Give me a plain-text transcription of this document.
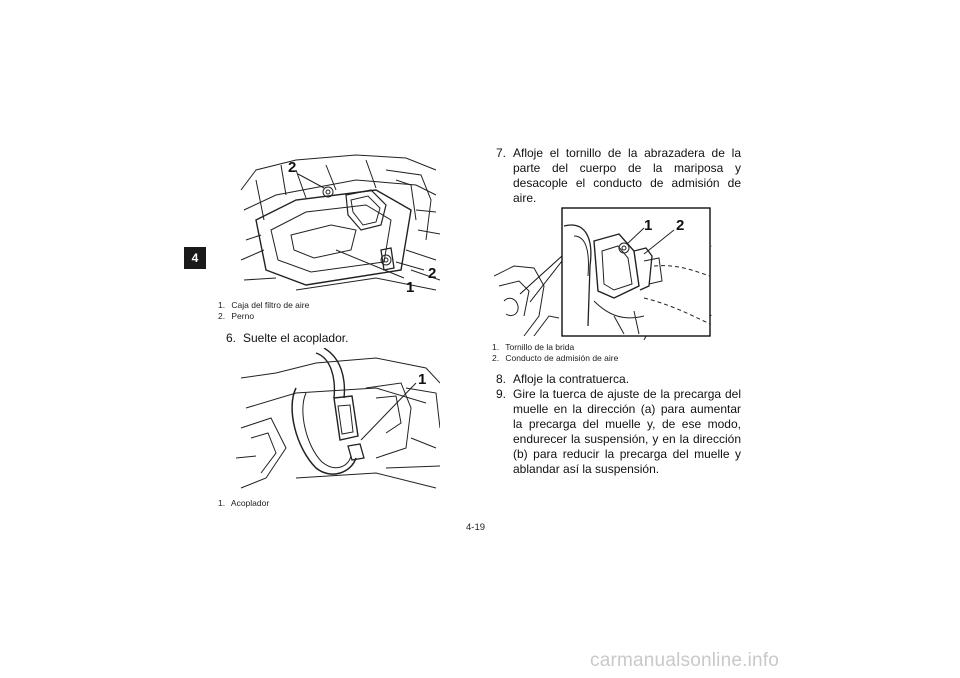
4
2
2
1
1. Caja del filtro de aire
2. Perno
6. Suelte el acoplador.
1
1. Acoplador
7. Afloje el tornillo de la abrazadera de la parte del cuerpo de la mariposa y desacople el conducto de admisión de aire.
1 2
1. Tornillo de la brida
2. Conducto de admisión de aire
8. Afloje la contratuerca.
9. Gire la tuerca de ajuste de la precarga del muelle en la dirección (a) para aumentar la precarga del muelle y, de ese modo, endurecer la suspensión, y en la dirección (b) para reducir la precarga del muelle y ablandar así la suspensión.
4-19
carmanualsonline.info
